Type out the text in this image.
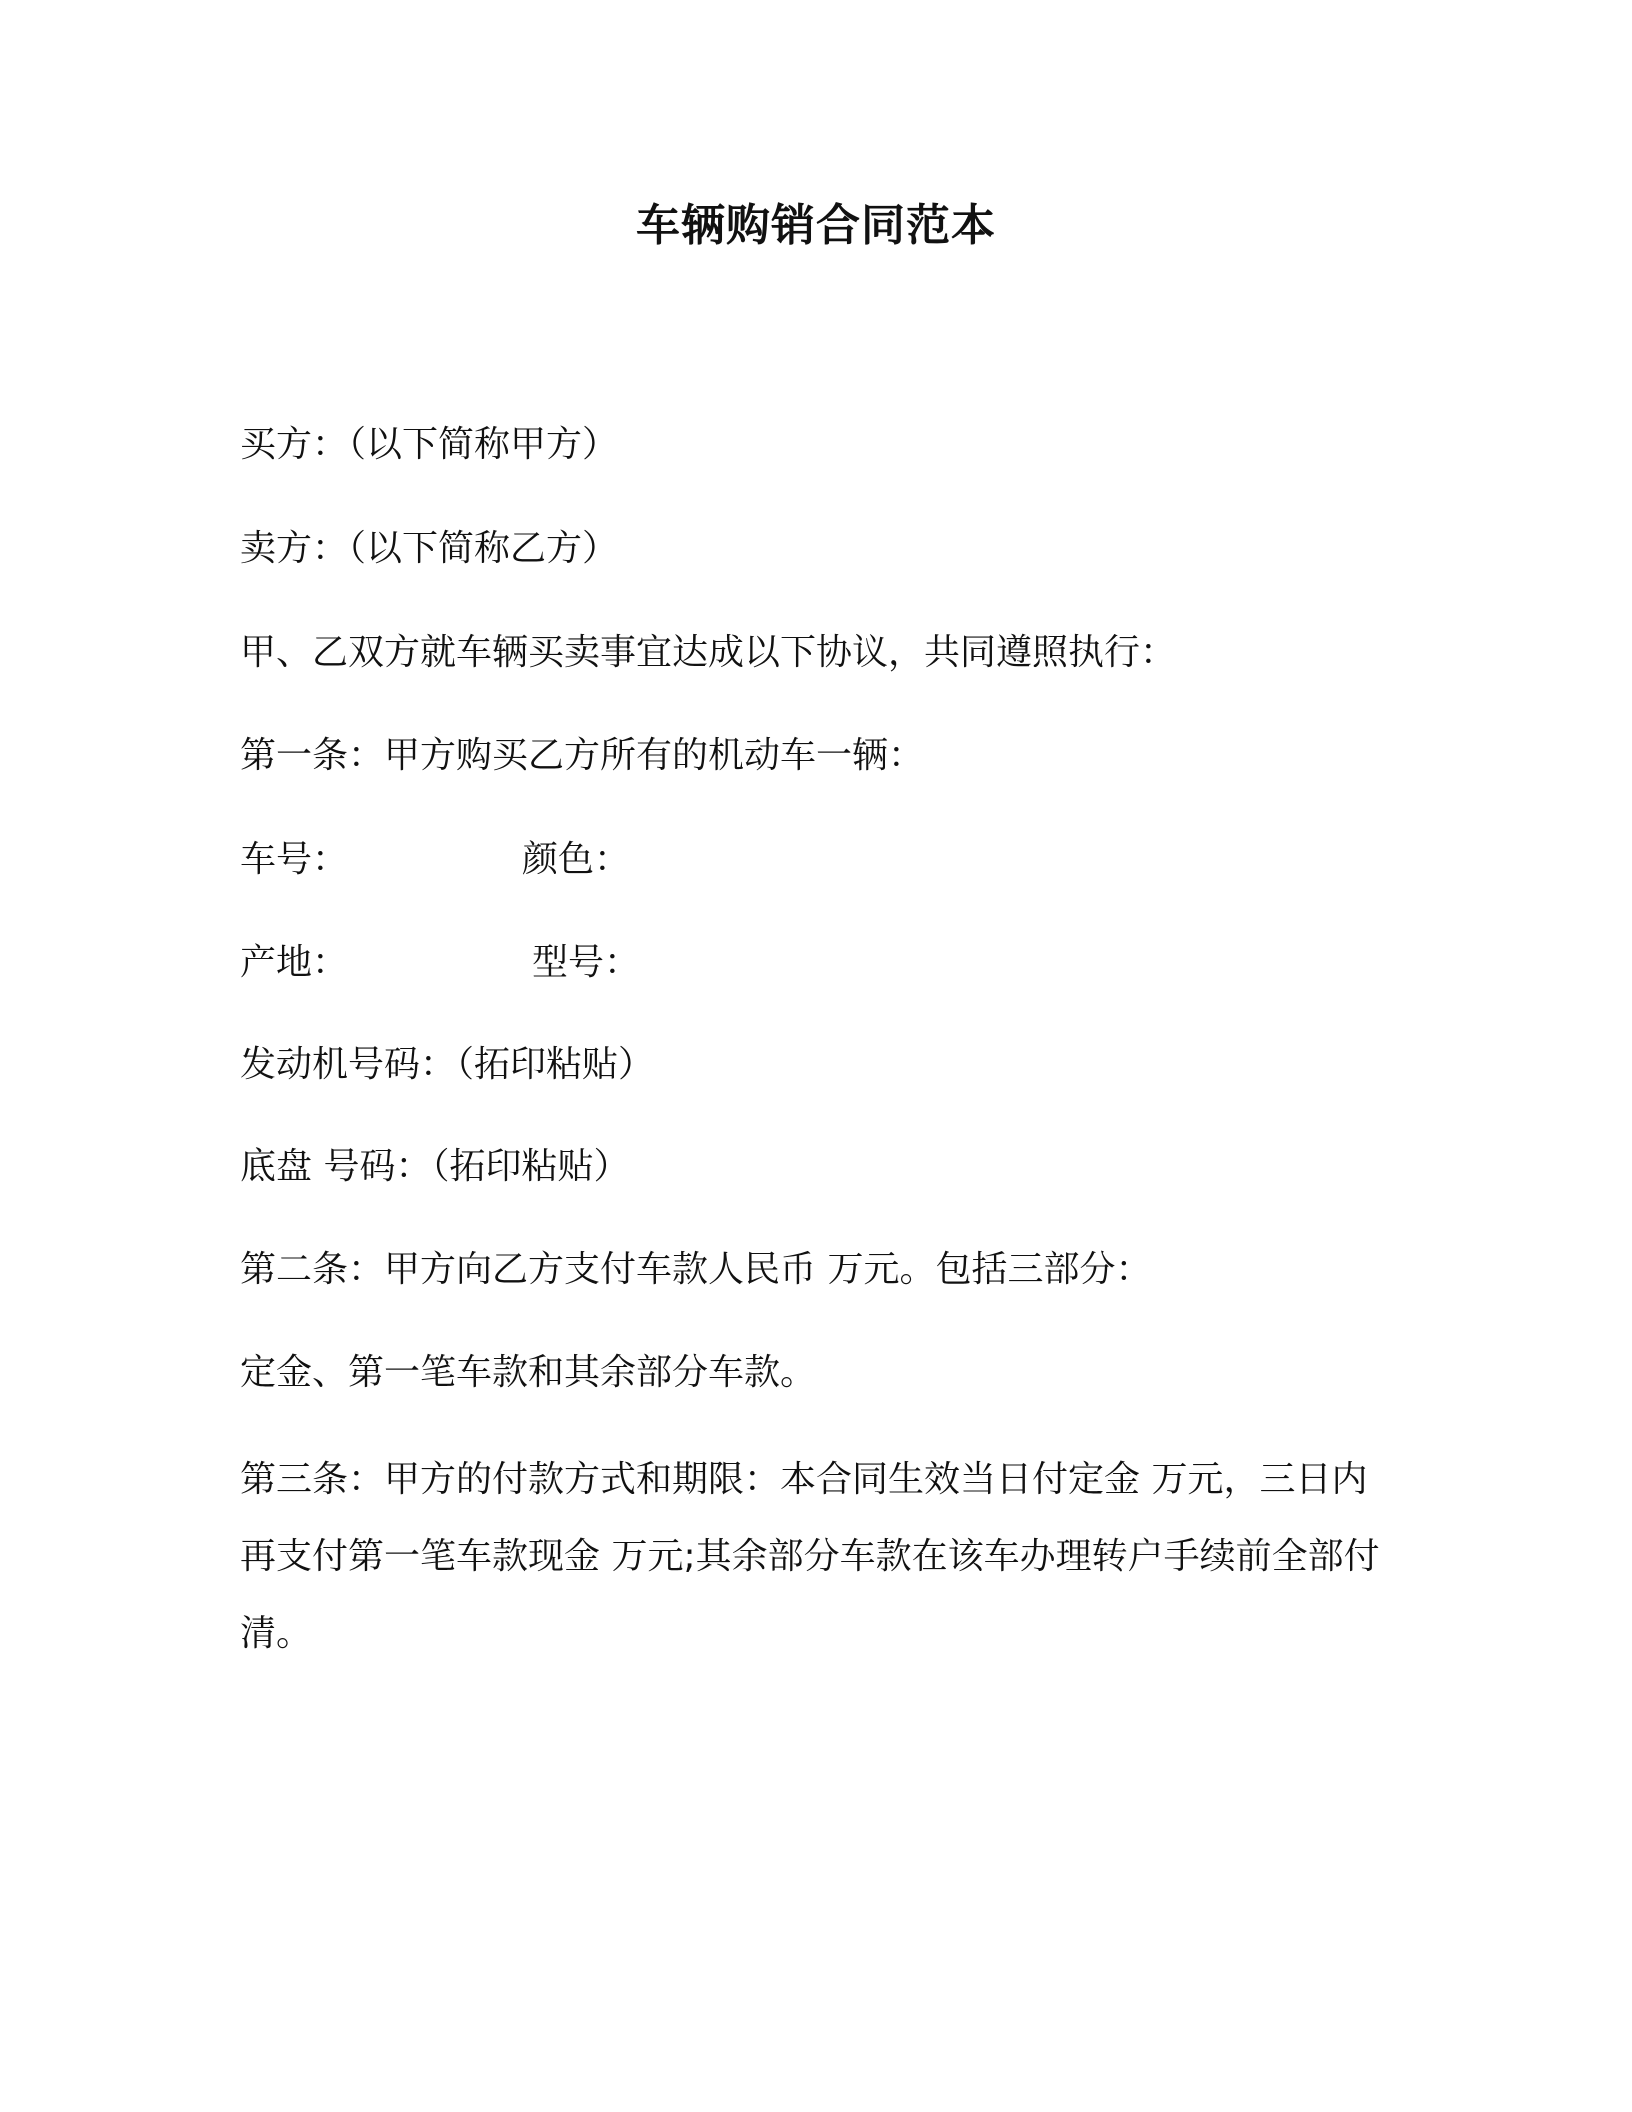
车辆购销合同范本
买方：（以下简称甲方）
卖方：（以下简称乙方）
甲、乙双方就车辆买卖事宜达成以下协议，共同遵照执行：
第一条：甲方购买乙方所有的机动车一辆：
车号：	颜色：
产地：	型号：
发动机号码：（拓印粘贴）
底盘 号码：（拓印粘贴）
第二条：甲方向乙方支付车款人民币 万元。包括三部分：
定金、第一笔车款和其余部分车款。
第三条：甲方的付款方式和期限：本合同生效当日付定金 万元，三日内再支付第一笔车款现金 万元;其余部分车款在该车办理转户手续前全部付清。
